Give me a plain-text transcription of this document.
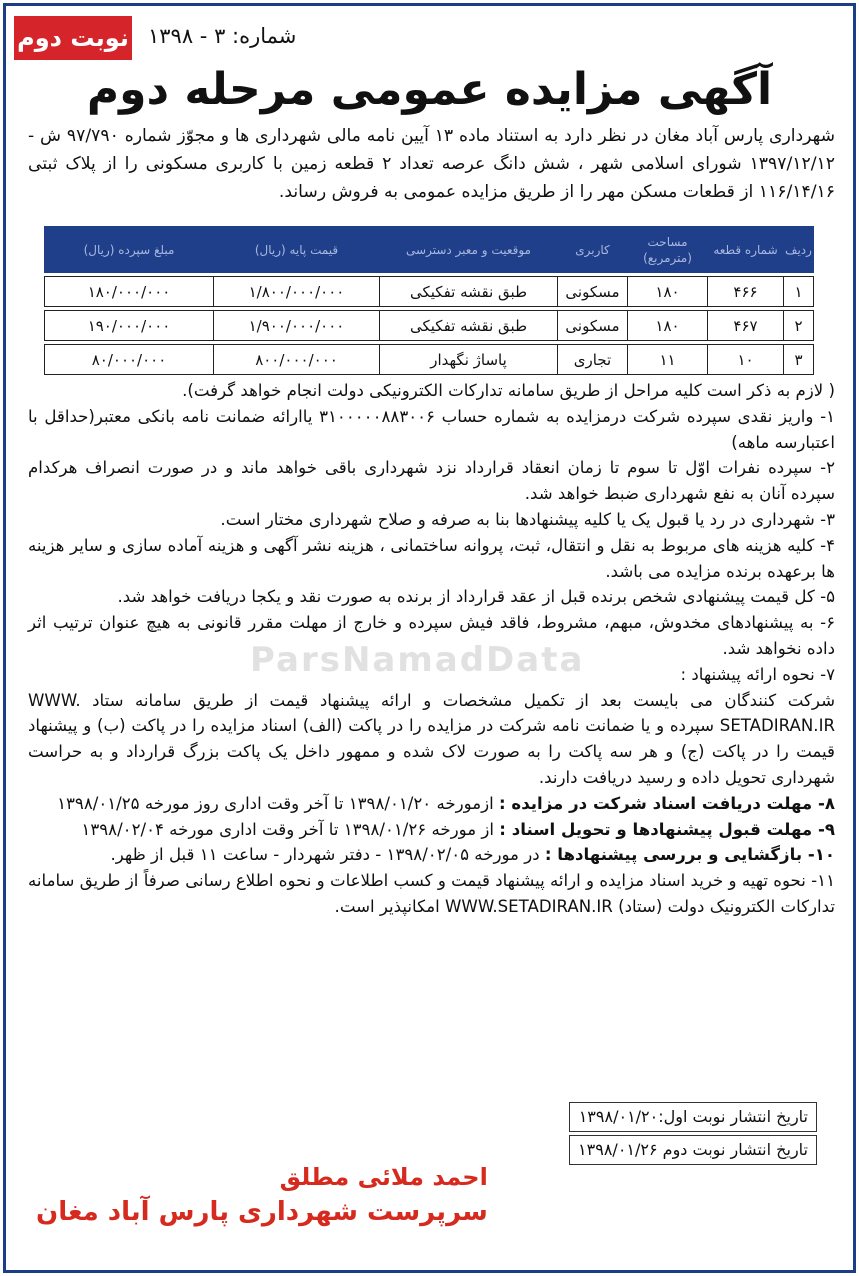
نوبت دوم شماره: ۳ - ۱۳۹۸
آگهی مزایده عمومی مرحله دوم
شهرداری پارس آباد مغان در نظر دارد به استناد ماده ۱۳ آیین نامه مالی شهرداری ها و مجوّز شماره ۹۷/۷۹۰ ش - ۱۳۹۷/۱۲/۱۲ شورای اسلامی شهر ، شش دانگ عرصه تعداد ۲ قطعه زمین با کاربری مسکونی را از پلاک ثبتی ۱۱۶/۱۴/۱۶ از قطعات مسکن مهر را از طریق مزایده عمومی به فروش رساند.
ردیف	شماره قطعه	مساحت (مترمربع)	کاربری	موقعیت و معبر دسترسی	قیمت پایه (ریال)	مبلغ سپرده (ریال)

۱	۴۶۶	۱۸۰	مسکونی	طبق نقشه تفکیکی	۱/۸۰۰/۰۰۰/۰۰۰	۱۸۰/۰۰۰/۰۰۰

۲	۴۶۷	۱۸۰	مسکونی	طبق نقشه تفکیکی	۱/۹۰۰/۰۰۰/۰۰۰	۱۹۰/۰۰۰/۰۰۰

۳	۱۰	۱۱	تجاری	پاساژ نگهدار	۸۰۰/۰۰۰/۰۰۰	۸۰/۰۰۰/۰۰۰

( لازم به ذکر است کلیه مراحل از طریق سامانه تدارکات الکترونیکی دولت انجام خواهد گرفت).

۱- واریز نقدی سپرده شرکت درمزایده به شماره حساب ۳۱۰۰۰۰۰۸۸۳۰۰۶ یاارائه ضمانت نامه بانکی معتبر(حداقل با اعتبارسه ماهه)

۲- سپرده نفرات اوّل تا سوم تا زمان انعقاد قرارداد نزد شهرداری باقی خواهد ماند و در صورت انصراف هرکدام سپرده آنان به نفع شهرداری ضبط خواهد شد.

۳- شهرداری در رد یا قبول یک یا کلیه پیشنهادها بنا به صرفه و صلاح شهرداری مختار است.

۴- کلیه هزینه های مربوط به نقل و انتقال، ثبت، پروانه ساختمانی ، هزینه نشر آگهی و هزینه آماده سازی و سایر هزینه ها برعهده برنده مزایده می باشد.

۵- کل قیمت پیشنهادی شخص برنده قبل از عقد قرارداد از برنده به صورت نقد و یکجا دریافت خواهد شد.

۶- به پیشنهادهای مخدوش، مبهم، مشروط، فاقد فیش سپرده و خارج از مهلت مقرر قانونی به هیچ عنوان ترتیب اثر داده نخواهد شد.

۷- نحوه ارائه پیشنهاد :

شرکت کنندگان می بایست بعد از تکمیل مشخصات و ارائه پیشنهاد قیمت از طریق سامانه ستاد WWW. SETADIRAN.IR سپرده و یا ضمانت نامه شرکت در مزایده را در پاکت (الف) اسناد مزایده را در پاکت (ب) و پیشنهاد قیمت را در پاکت (ج) و هر سه پاکت را به صورت لاک شده و ممهور داخل یک پاکت بزرگ قرارداد و به حراست شهرداری تحویل داده و رسید دریافت دارند.

۸- مهلت دریافت اسناد شرکت در مزایده : ازمورخه ۱۳۹۸/۰۱/۲۰ تا آخر وقت اداری روز مورخه ۱۳۹۸/۰۱/۲۵

۹- مهلت قبول پیشنهادها و تحویل اسناد : از مورخه ۱۳۹۸/۰۱/۲۶ تا آخر وقت اداری مورخه ۱۳۹۸/۰۲/۰۴

۱۰- بازگشایی و بررسی پیشنهادها : در مورخه ۱۳۹۸/۰۲/۰۵ - دفتر شهردار - ساعت ۱۱ قبل از ظهر.

۱۱- نحوه تهیه و خرید اسناد مزایده و ارائه پیشنهاد قیمت و کسب اطلاعات و نحوه اطلاع رسانی صرفاً از طریق سامانه تدارکات الکترونیک دولت (ستاد) WWW.SETADIRAN.IR امکانپذیر است.

ParsNamadData
تاریخ انتشار نوبت اول:۱۳۹۸/۰۱/۲۰
تاریخ انتشار نوبت دوم ۱۳۹۸/۰۱/۲۶
احمد ملائی مطلق
سرپرست شهرداری پارس آباد مغان
